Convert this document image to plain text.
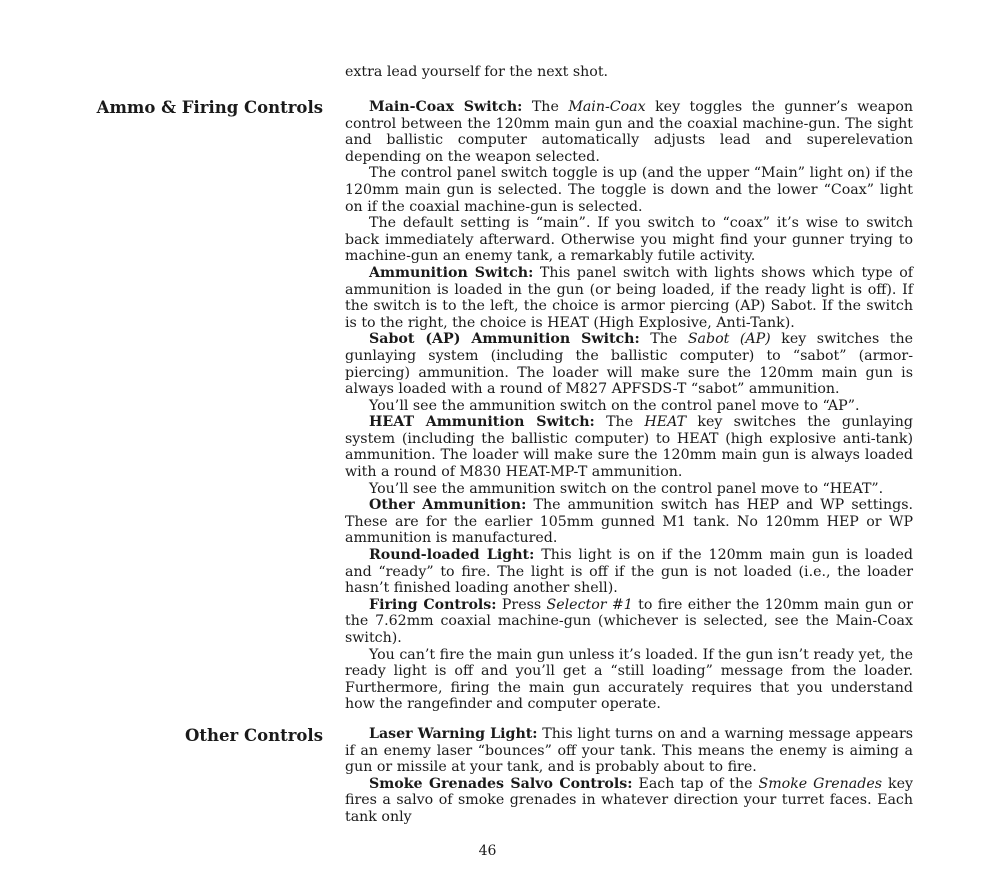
extra lead yourself for the next shot.

Ammo & Firing Controls	Main-Coax Switch: The Main-Coax key toggles the gunner’s weapon control between the 120mm main gun and the coaxial machine-gun. The sight and ballistic computer automatically adjusts lead and superelevation depending on the weapon selected.

The control panel switch toggle is up (and the upper “Main” light on) if the 120mm main gun is selected. The toggle is down and the lower “Coax” light on if the coaxial machine-gun is selected.

The default setting is “main”. If you switch to “coax” it’s wise to switch back immediately afterward. Otherwise you might find your gunner trying to machine-gun an enemy tank, a remarkably futile activity.

Ammunition Switch: This panel switch with lights shows which type of ammunition is loaded in the gun (or being loaded, if the ready light is off). If the switch is to the left, the choice is armor piercing (AP) Sabot. If the switch is to the right, the choice is HEAT (High Explosive, Anti-Tank).

Sabot (AP) Ammunition Switch: The Sabot (AP) key switches the gunlaying system (including the ballistic computer) to “sabot” (armor-piercing) ammunition. The loader will make sure the 120mm main gun is always loaded with a round of M827 APFSDS-T “sabot” ammunition.

You’ll see the ammunition switch on the control panel move to “AP”.

HEAT Ammunition Switch: The HEAT key switches the gunlaying system (including the ballistic computer) to HEAT (high explosive anti-tank) ammunition. The loader will make sure the 120mm main gun is always loaded with a round of M830 HEAT-MP-T ammunition.

You’ll see the ammunition switch on the control panel move to “HEAT”.

Other Ammunition: The ammunition switch has HEP and WP settings. These are for the earlier 105mm gunned M1 tank. No 120mm HEP or WP ammunition is manufactured.

Round-loaded Light: This light is on if the 120mm main gun is loaded and “ready” to fire. The light is off if the gun is not loaded (i.e., the loader hasn’t finished loading another shell).

Firing Controls: Press Selector #1 to fire either the 120mm main gun or the 7.62mm coaxial machine-gun (whichever is selected, see the Main-Coax switch).

You can’t fire the main gun unless it’s loaded. If the gun isn’t ready yet, the ready light is off and you’ll get a “still loading” message from the loader. Furthermore, firing the main gun accurately requires that you understand how the rangefinder and computer operate.

Other Controls	Laser Warning Light: This light turns on and a warning message appears if an enemy laser “bounces” off your tank. This means the enemy is aiming a gun or missile at your tank, and is probably about to fire.

Smoke Grenades Salvo Controls: Each tap of the Smoke Grenades key fires a salvo of smoke grenades in whatever direction your turret faces. Each tank only

46
